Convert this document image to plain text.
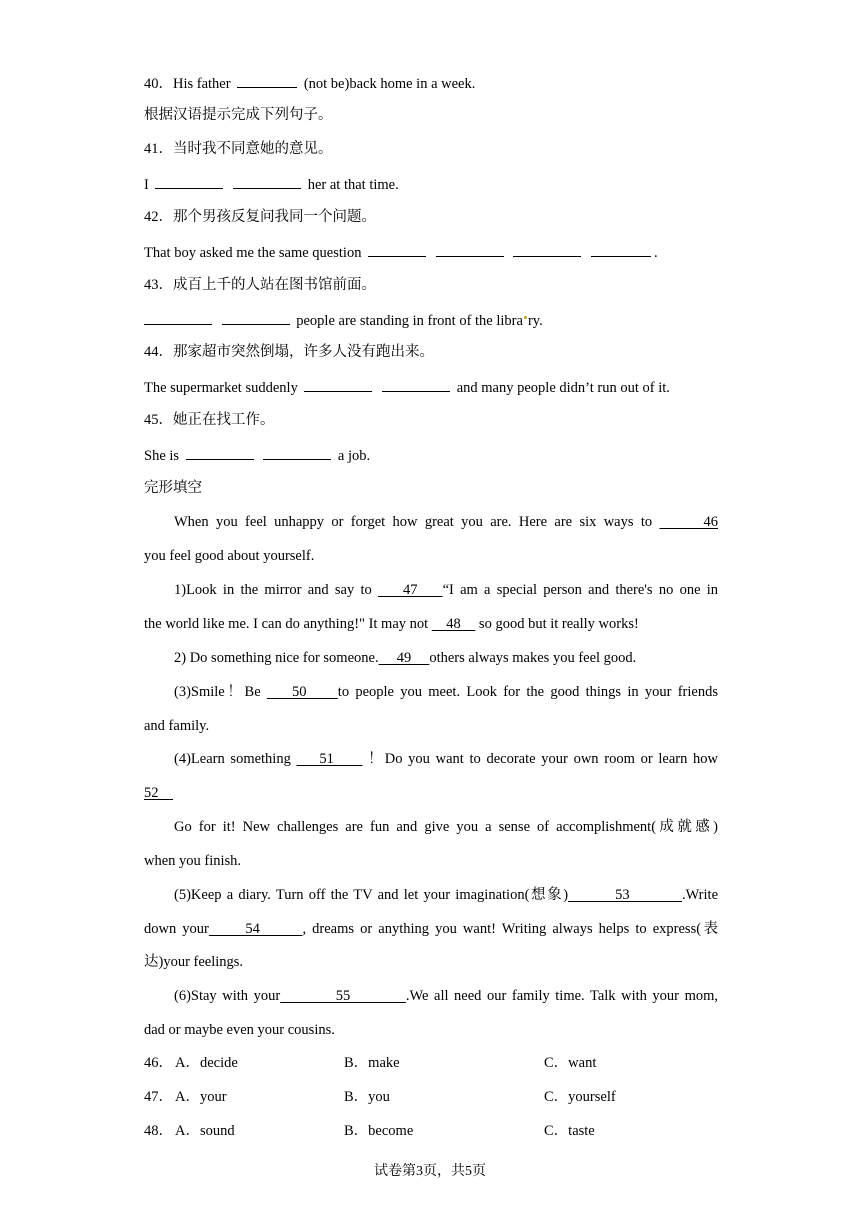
40．His father	(not be)back home in a week.
根据汉语提示完成下列句子。
41．当时我不同意她的意见。
I	her at that time.
42．那个男孩反复问我同一个问题。
That boy asked me the same question	.
43．成百上千的人站在图书馆前面。
people are standing in front of the libra ry.
44．那家超市突然倒塌，许多人没有跑出来。
The supermarket suddenly	and many people didn’t run out of it.
45．她正在找工作。
She is	a job.
完形填空
When you feel unhappy or forget how great you are. Here are six ways to       46
you feel good about yourself.
1)Look in the mirror and say to     47    “I am a special person and there's no one in
the world like me. I can do anything!" It may not     48     so good but it really works!
2) Do something nice for someone.     49     others always makes you feel good.
(3)Smile！Be     50     to people you meet. Look for the good things in your friends
and family.
(4)Learn something     51      ！Do you want to decorate your own room or learn how
52
Go for it! New challenges are fun and give you a sense of accomplishment(成就感)
when you finish.
(5)Keep a diary. Turn off the TV and let your imagination(想象)         53          .Write
down your      54       , dreams or anything you want! Writing always helps to express(表
达)your feelings.
(6)Stay with your          55          .We all need our family time. Talk with your mom,
dad or maybe even your cousins.
46． A．decide	B．make	C．want
47． A．your	B．you	C．yourself
48． A．sound	B．become	C．taste
试卷第3页，共5页
